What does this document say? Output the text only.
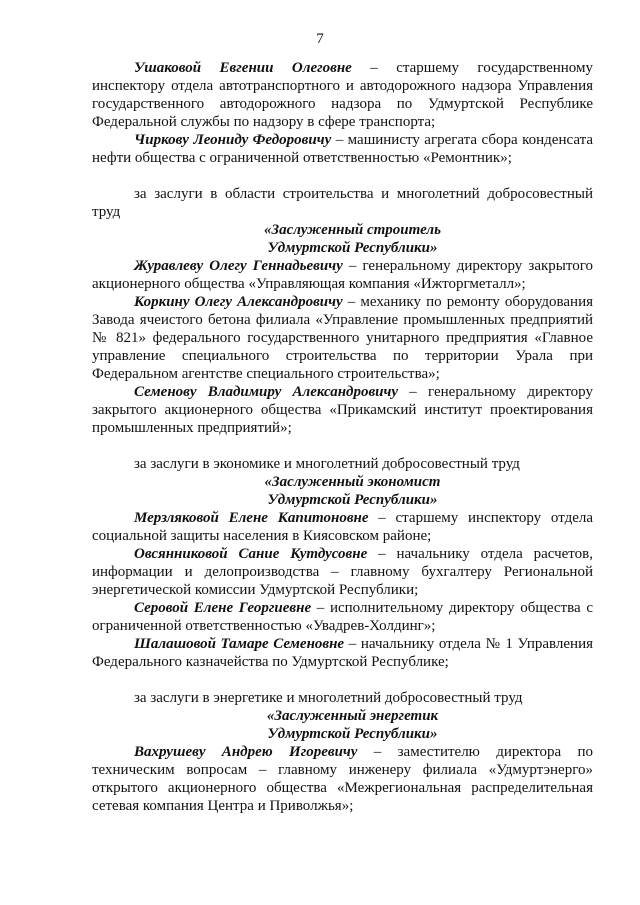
7

Ушаковой Евгении Олеговне – старшему государственному инспектору отдела автотранспортного и автодорожного надзора Управления государственного автодорожного надзора по Удмуртской Республике Федеральной службы по надзору в сфере транспорта;

Чиркову Леониду Федоровичу – машинисту агрегата сбора конденсата нефти общества с ограниченной ответственностью «Ремонтник»;

за заслуги в области строительства и многолетний добросовестный труд

«Заслуженный строитель

Удмуртской Республики»

Журавлеву Олегу Геннадьевичу – генеральному директору закрытого акционерного общества «Управляющая компания «Ижторгметалл»;

Коркину Олегу Александровичу – механику по ремонту оборудования Завода ячеистого бетона филиала «Управление промышленных предприятий № 821» федерального государственного унитарного предприятия «Главное управление специального строительства по территории Урала при Федеральном агентстве специального строительства»;

Семенову Владимиру Александровичу – генеральному директору закрытого акционерного общества «Прикамский институт проектирования промышленных предприятий»;

за заслуги в экономике и многолетний добросовестный труд

«Заслуженный экономист

Удмуртской Республики»

Мерзляковой Елене Капитоновне – старшему инспектору отдела социальной защиты населения в Киясовском районе;

Овсянниковой Сание Кутдусовне – начальнику отдела расчетов, информации и делопроизводства – главному бухгалтеру Региональной энергетической комиссии Удмуртской Республики;

Серовой Елене Георгиевне – исполнительному директору общества с ограниченной ответственностью «Увадрев-Холдинг»;

Шалашовой Тамаре Семеновне – начальнику отдела № 1 Управления Федерального казначейства по Удмуртской Республике;

за заслуги в энергетике и многолетний добросовестный труд

«Заслуженный энергетик

Удмуртской Республики»

Вахрушеву Андрею Игоревичу – заместителю директора по техническим вопросам – главному инженеру филиала «Удмуртэнерго» открытого акционерного общества «Межрегиональная распределительная сетевая компания Центра и Приволжья»;
